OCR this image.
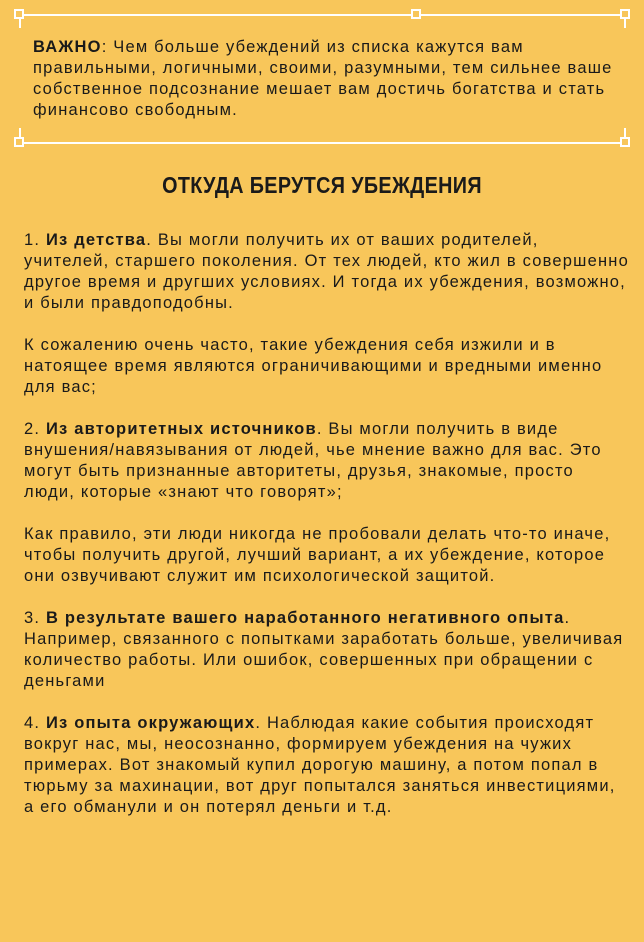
ВАЖНО: Чем больше убеждений из списка кажутся вам правильными, логичными, своими, разумными, тем сильнее ваше собственное подсознание мешает вам достичь богатства и стать финансово свободным.

ОТКУДА БЕРУТСЯ УБЕЖДЕНИЯ

1. Из детства. Вы могли получить их от ваших родителей, учителей, старшего поколения. От тех людей, кто жил в совершенно другое время и другших условиях. И тогда их убеждения, возможно, и были правдоподобны.

К сожалению очень часто, такие убеждения себя изжили и в натоящее время являются ограничивающими и вредными именно для вас;

2. Из авторитетных источников. Вы могли получить в виде внушения/навязывания от людей, чье мнение важно для вас. Это могут быть признанные авторитеты, друзья, знакомые, просто люди, которые «знают что говорят»;

Как правило, эти люди никогда не пробовали делать что-то иначе, чтобы получить другой, лучший вариант, а их убеждение, которое они озвучивают служит им психологической защитой.

3. В результате вашего наработанного негативного опыта. Например, связанного с попытками заработать больше, увеличивая количество работы. Или ошибок, совершенных при обращении с деньгами

4. Из опыта окружающих. Наблюдая какие события происходят вокруг нас, мы, неосознанно, формируем убеждения на чужих примерах. Вот знакомый купил дорогую машину, а потом попал в тюрьму за махинации, вот друг попытался заняться инвестициями, а его обманули и он потерял деньги и т.д.
